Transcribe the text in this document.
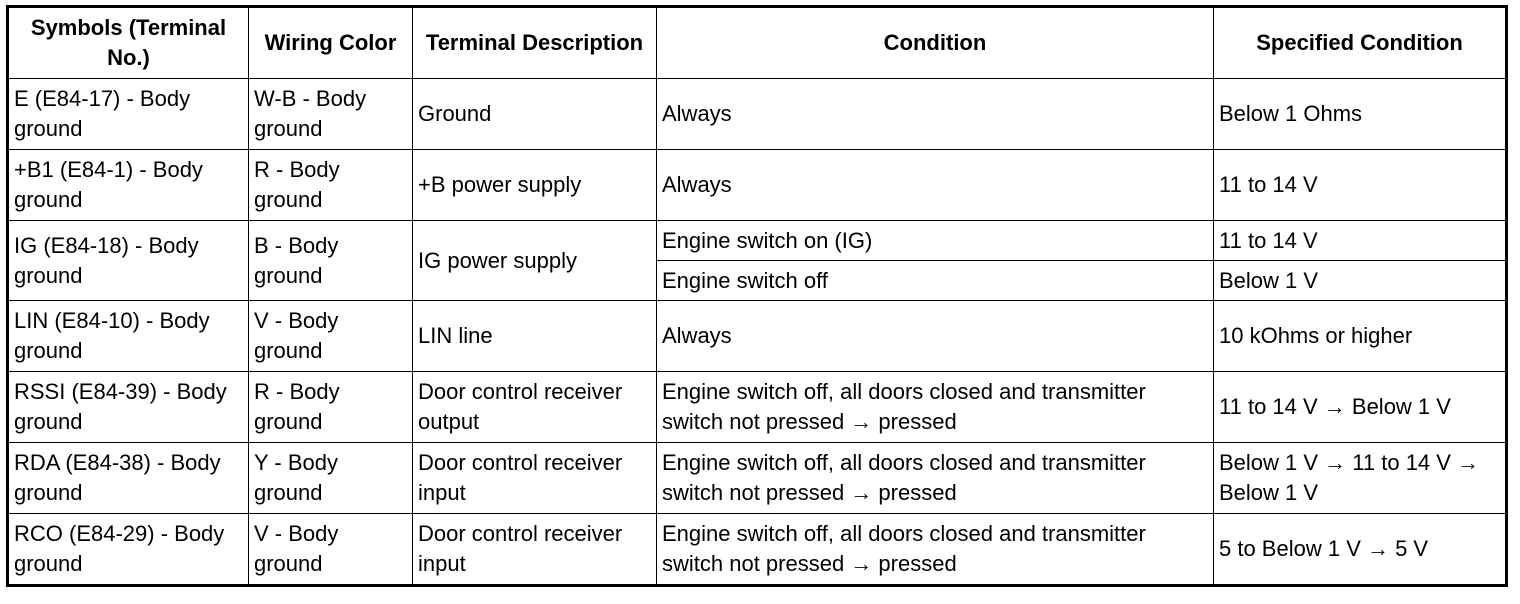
Symbols (Terminal No.)	Wiring Color	Terminal Description	Condition	Specified Condition
E (E84-17) - Body ground	W-B - Body ground	Ground	Always	Below 1 Ohms
+B1 (E84-1) - Body ground	R - Body ground	+B power supply	Always	11 to 14 V
IG (E84-18) - Body ground	B - Body ground	IG power supply	Engine switch on (IG)	11 to 14 V
			Engine switch off	Below 1 V
LIN (E84-10) - Body ground	V - Body ground	LIN line	Always	10 kOhms or higher
RSSI (E84-39) - Body ground	R - Body ground	Door control receiver output	Engine switch off, all doors closed and transmitter switch not pressed → pressed	11 to 14 V → Below 1 V
RDA (E84-38) - Body ground	Y - Body ground	Door control receiver input	Engine switch off, all doors closed and transmitter switch not pressed → pressed	Below 1 V → 11 to 14 V → Below 1 V
RCO (E84-29) - Body ground	V - Body ground	Door control receiver input	Engine switch off, all doors closed and transmitter switch not pressed → pressed	5 to Below 1 V → 5 V
